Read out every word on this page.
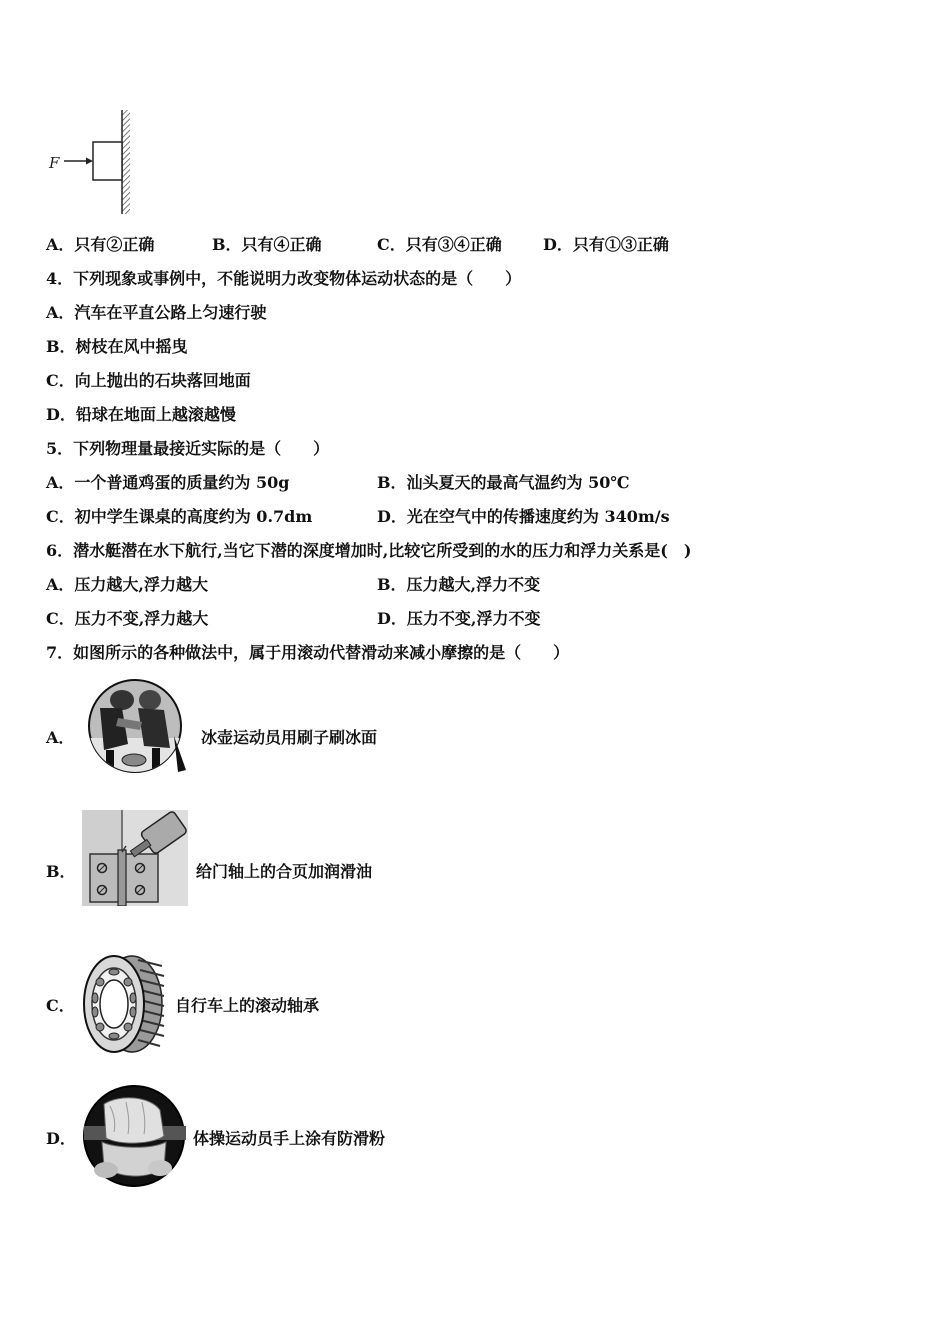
F
A．只有②正确	B．只有④正确	C．只有③④正确	D．只有①③正确
4．下列现象或事例中，不能说明力改变物体运动状态的是（　　）
A．汽车在平直公路上匀速行驶
B．树枝在风中摇曳
C．向上抛出的石块落回地面
D．铅球在地面上越滚越慢
5．下列物理量最接近实际的是（　　）
A．一个普通鸡蛋的质量约为 50g	B．汕头夏天的最高气温约为 50℃
C．初中学生课桌的高度约为 0.7dm	D．光在空气中的传播速度约为 340m/s
6．潜水艇潜在水下航行,当它下潜的深度增加时,比较它所受到的水的压力和浮力关系是(　)
A．压力越大,浮力越大	B．压力越大,浮力不变
C．压力不变,浮力越大	D．压力不变,浮力不变
7．如图所示的各种做法中，属于用滚动代替滑动来减小摩擦的是（　　）
A．	冰壶运动员用刷子刷冰面
B．	给门轴上的合页加润滑油
C．	自行车上的滚动轴承
D．	体操运动员手上涂有防滑粉
